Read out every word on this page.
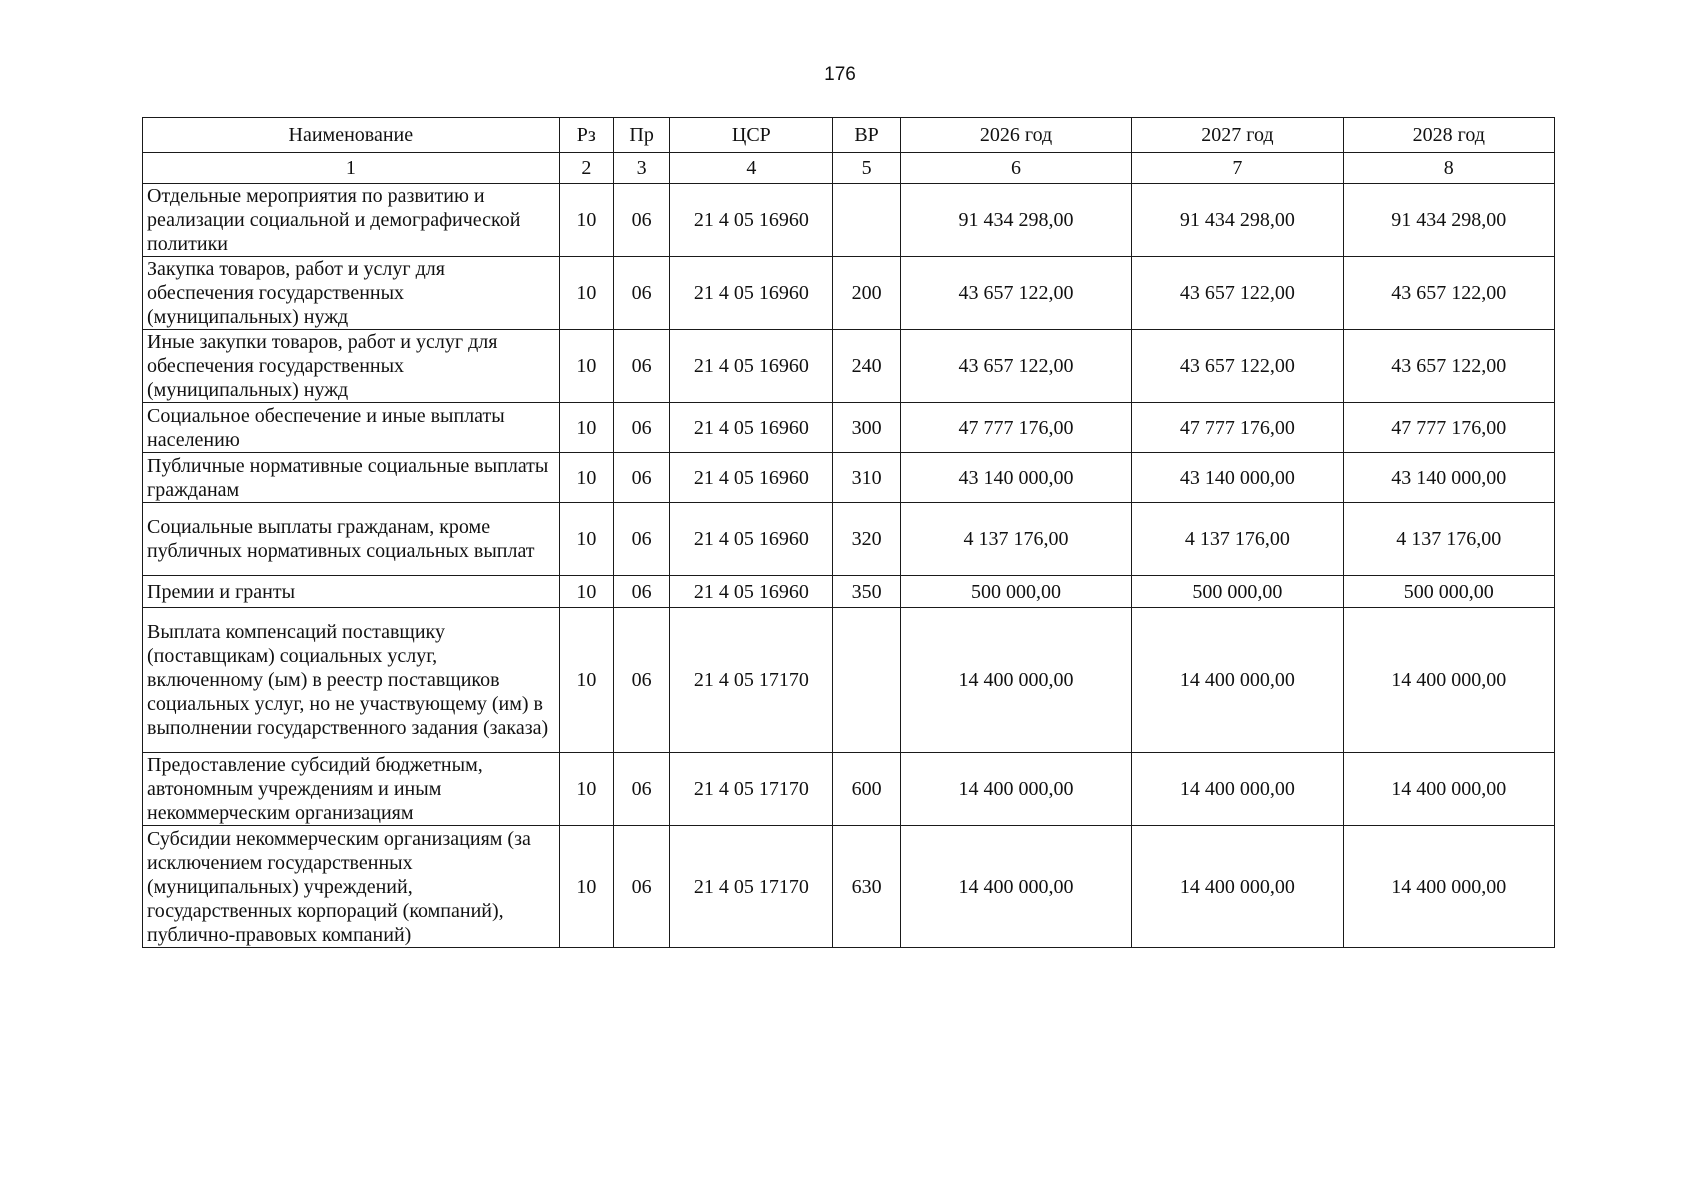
176
Наименование	Рз	Пр	ЦСР	ВР	2026 год	2027 год	2028 год
1	2	3	4	5	6	7	8
Отдельные мероприятия по развитию и реализации социальной и демографической политики	10	06	21 4 05 16960		91 434 298,00	91 434 298,00	91 434 298,00
Закупка товаров, работ и услуг для обеспечения государственных (муниципальных) нужд	10	06	21 4 05 16960	200	43 657 122,00	43 657 122,00	43 657 122,00
Иные закупки товаров, работ и услуг для обеспечения государственных (муниципальных) нужд	10	06	21 4 05 16960	240	43 657 122,00	43 657 122,00	43 657 122,00
Социальное обеспечение и иные выплаты населению	10	06	21 4 05 16960	300	47 777 176,00	47 777 176,00	47 777 176,00
Публичные нормативные социальные выплаты гражданам	10	06	21 4 05 16960	310	43 140 000,00	43 140 000,00	43 140 000,00
Социальные выплаты гражданам, кроме публичных нормативных социальных выплат	10	06	21 4 05 16960	320	4 137 176,00	4 137 176,00	4 137 176,00
Премии и гранты	10	06	21 4 05 16960	350	500 000,00	500 000,00	500 000,00
Выплата компенсаций поставщику (поставщикам) социальных услуг, включенному (ым) в реестр поставщиков социальных услуг, но не участвующему (им) в выполнении государственного задания (заказа)	10	06	21 4 05 17170		14 400 000,00	14 400 000,00	14 400 000,00
Предоставление субсидий бюджетным, автономным учреждениям и иным некоммерческим организациям	10	06	21 4 05 17170	600	14 400 000,00	14 400 000,00	14 400 000,00
Субсидии некоммерческим организациям (за исключением государственных (муниципальных) учреждений, государственных корпораций (компаний), публично-правовых компаний)	10	06	21 4 05 17170	630	14 400 000,00	14 400 000,00	14 400 000,00
